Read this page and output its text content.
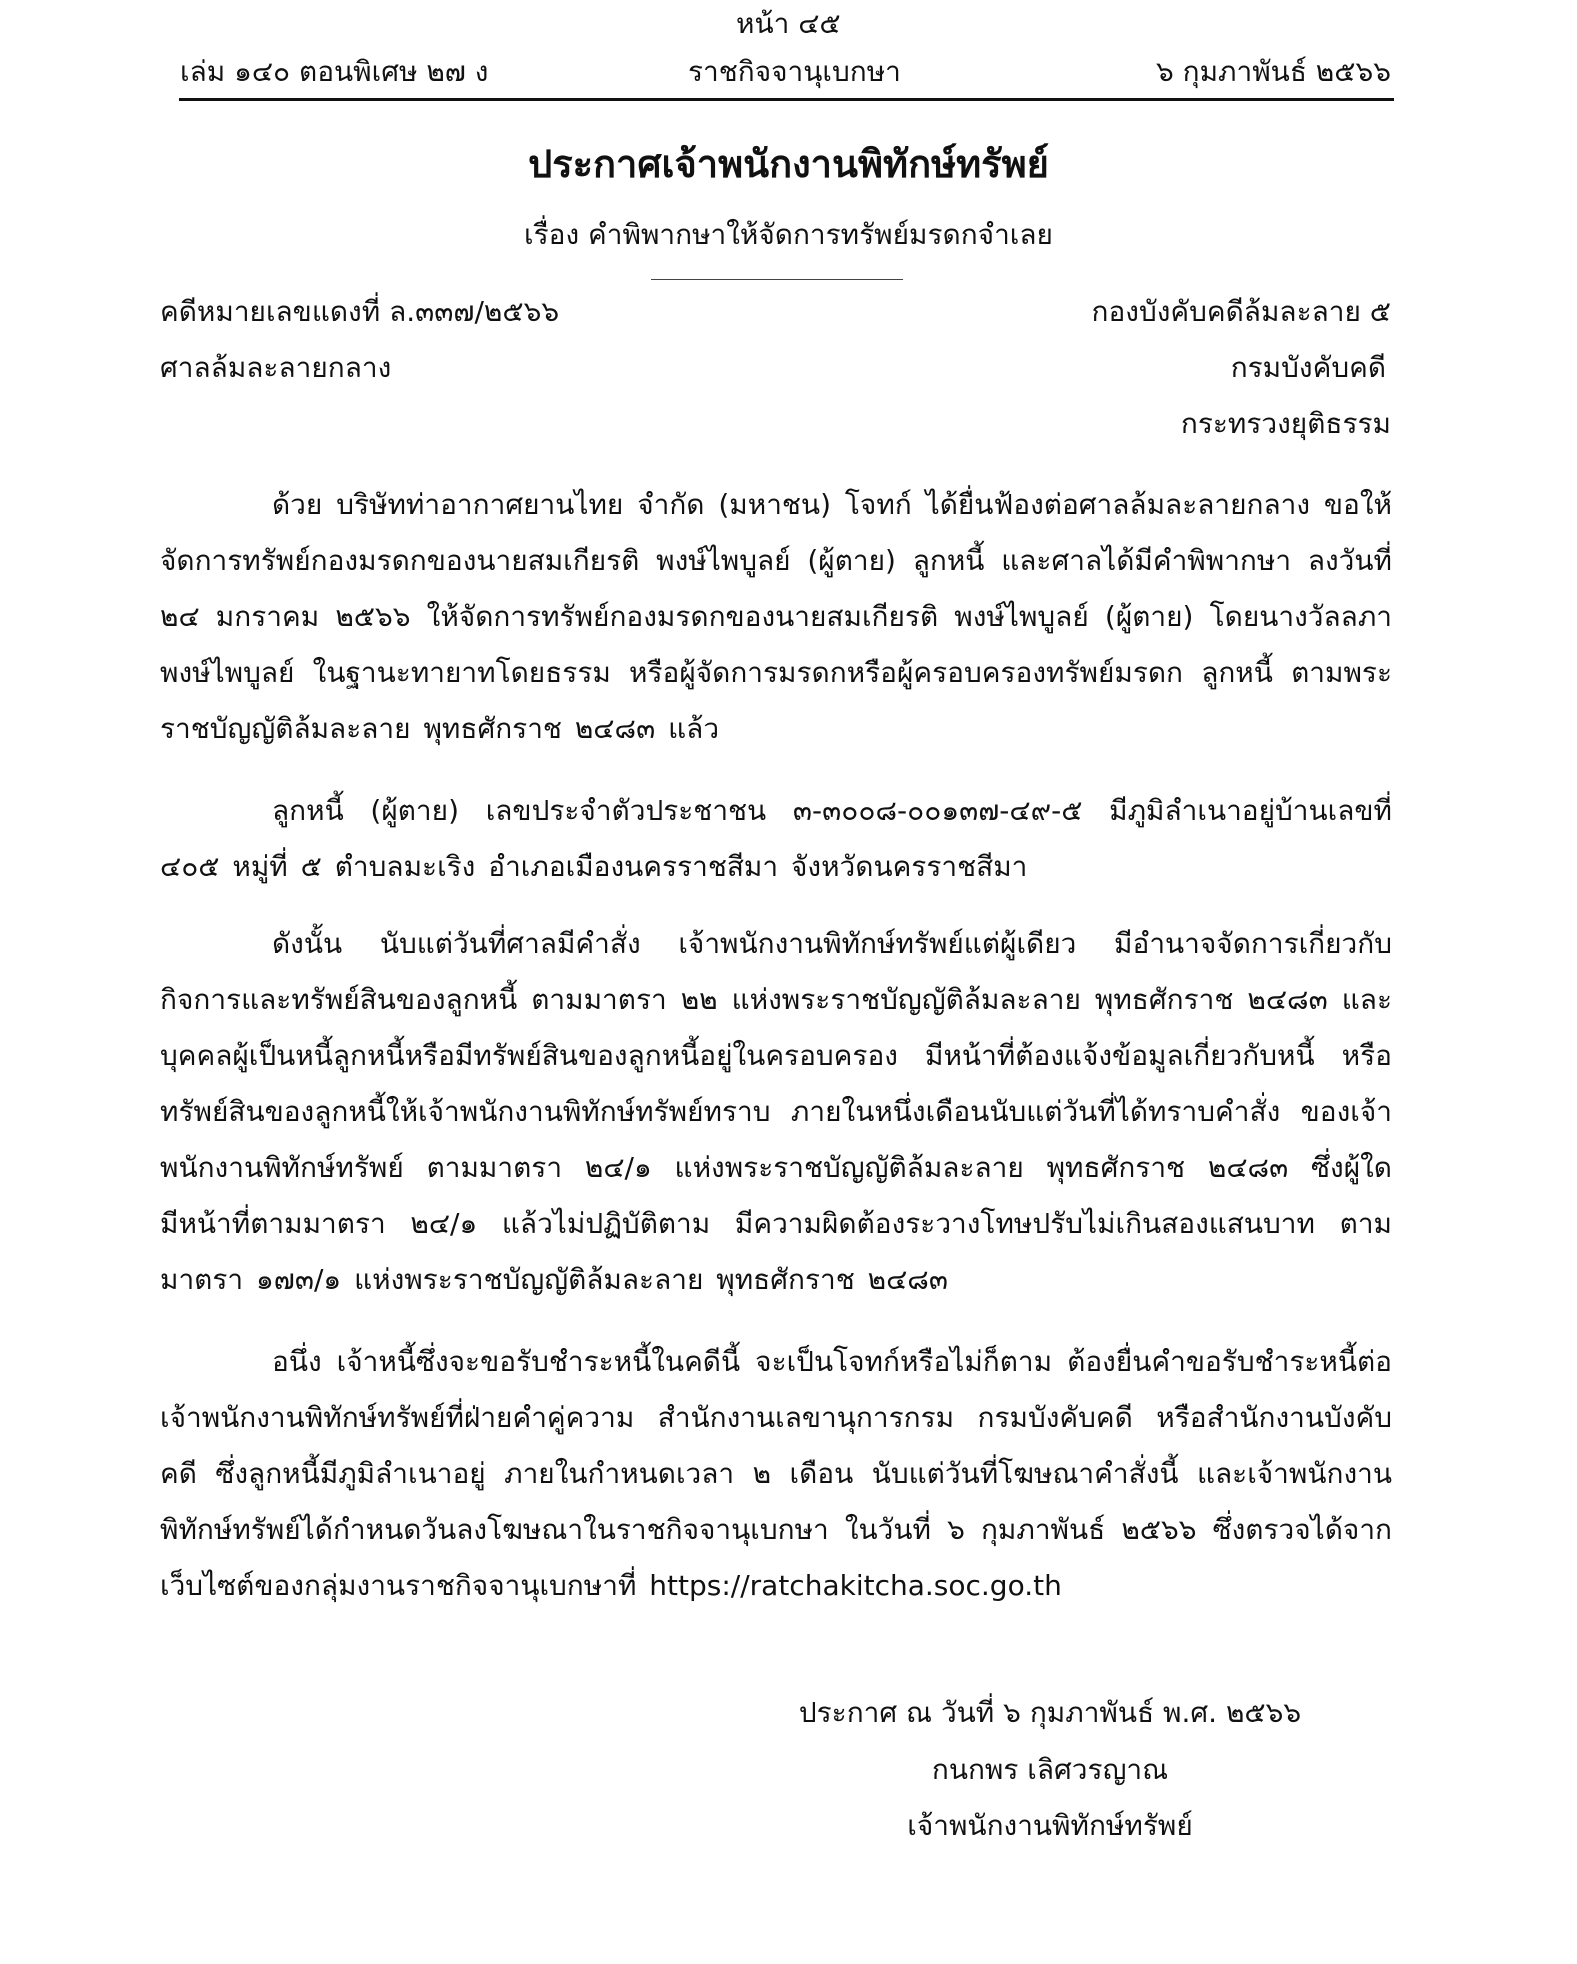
หน้า ๔๕
เล่ม ๑๔๐ ตอนพิเศษ ๒๗ ง	ราชกิจจานุเบกษา	๖ กุมภาพันธ์ ๒๕๖๖
ประกาศเจ้าพนักงานพิทักษ์ทรัพย์
เรื่อง คำพิพากษาให้จัดการทรัพย์มรดกจำเลย
คดีหมายเลขแดงที่ ล.๓๓๗/๒๕๖๖	กองบังคับคดีล้มละลาย ๕
ศาลล้มละลายกลาง	กรมบังคับคดี
กระทรวงยุติธรรม
ด้วย บริษัทท่าอากาศยานไทย จำกัด (มหาชน) โจทก์ ได้ยื่นฟ้องต่อศาลล้มละลายกลาง ขอให้จัดการทรัพย์กองมรดกของนายสมเกียรติ พงษ์ไพบูลย์ (ผู้ตาย) ลูกหนี้ และศาลได้มีคำพิพากษา ลงวันที่ ๒๔ มกราคม ๒๕๖๖ ให้จัดการทรัพย์กองมรดกของนายสมเกียรติ พงษ์ไพบูลย์ (ผู้ตาย) โดยนางวัลลภา พงษ์ไพบูลย์ ในฐานะทายาทโดยธรรม หรือผู้จัดการมรดกหรือผู้ครอบครองทรัพย์มรดก ลูกหนี้ ตามพระราชบัญญัติล้มละลาย พุทธศักราช ๒๔๘๓ แล้ว
ลูกหนี้ (ผู้ตาย) เลขประจำตัวประชาชน ๓-๓๐๐๘-๐๐๑๓๗-๔๙-๕ มีภูมิลำเนาอยู่บ้านเลขที่ ๔๐๕ หมู่ที่ ๕ ตำบลมะเริง อำเภอเมืองนครราชสีมา จังหวัดนครราชสีมา
ดังนั้น นับแต่วันที่ศาลมีคำสั่ง เจ้าพนักงานพิทักษ์ทรัพย์แต่ผู้เดียว มีอำนาจจัดการเกี่ยวกับ กิจการและทรัพย์สินของลูกหนี้ ตามมาตรา ๒๒ แห่งพระราชบัญญัติล้มละลาย พุทธศักราช ๒๔๘๓ และบุคคลผู้เป็นหนี้ลูกหนี้หรือมีทรัพย์สินของลูกหนี้อยู่ในครอบครอง มีหน้าที่ต้องแจ้งข้อมูลเกี่ยวกับหนี้ หรือทรัพย์สินของลูกหนี้ให้เจ้าพนักงานพิทักษ์ทรัพย์ทราบ ภายในหนึ่งเดือนนับแต่วันที่ได้ทราบคำสั่ง ของเจ้าพนักงานพิทักษ์ทรัพย์ ตามมาตรา ๒๔/๑ แห่งพระราชบัญญัติล้มละลาย พุทธศักราช ๒๔๘๓ ซึ่งผู้ใดมีหน้าที่ตามมาตรา ๒๔/๑ แล้วไม่ปฏิบัติตาม มีความผิดต้องระวางโทษปรับไม่เกินสองแสนบาท ตามมาตรา ๑๗๓/๑ แห่งพระราชบัญญัติล้มละลาย พุทธศักราช ๒๔๘๓
อนึ่ง เจ้าหนี้ซึ่งจะขอรับชำระหนี้ในคดีนี้ จะเป็นโจทก์หรือไม่ก็ตาม ต้องยื่นคำขอรับชำระหนี้ต่อ เจ้าพนักงานพิทักษ์ทรัพย์ที่ฝ่ายคำคู่ความ สำนักงานเลขานุการกรม กรมบังคับคดี หรือสำนักงานบังคับคดี ซึ่งลูกหนี้มีภูมิลำเนาอยู่ ภายในกำหนดเวลา ๒ เดือน นับแต่วันที่โฆษณาคำสั่งนี้ และเจ้าพนักงาน พิทักษ์ทรัพย์ได้กำหนดวันลงโฆษณาในราชกิจจานุเบกษา ในวันที่ ๖ กุมภาพันธ์ ๒๕๖๖ ซึ่งตรวจได้จาก เว็บไซต์ของกลุ่มงานราชกิจจานุเบกษาที่ https://ratchakitcha.soc.go.th
ประกาศ ณ วันที่ ๖ กุมภาพันธ์ พ.ศ. ๒๕๖๖
กนกพร เลิศวรญาณ
เจ้าพนักงานพิทักษ์ทรัพย์
